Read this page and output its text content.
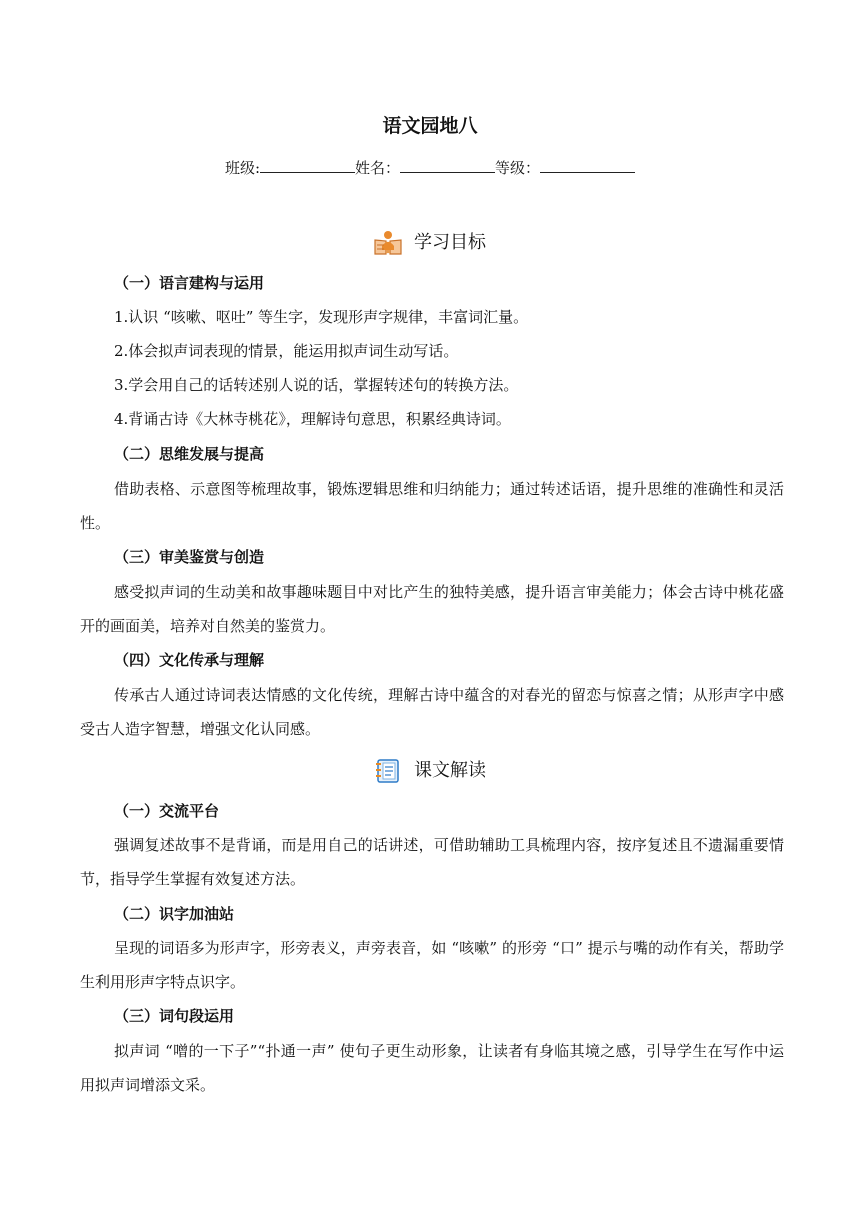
语文园地八
班级:	姓名：	等级：
学习目标
（一）语言建构与运用
1.认识 “咳嗽、呕吐” 等生字，发现形声字规律，丰富词汇量。
2.体会拟声词表现的情景，能运用拟声词生动写话。
3.学会用自己的话转述别人说的话，掌握转述句的转换方法。
4.背诵古诗《大林寺桃花》，理解诗句意思，积累经典诗词。
（二）思维发展与提高

借助表格、示意图等梳理故事，锻炼逻辑思维和归纳能力；通过转述话语，提升思维的准确性和灵活性。

（三）审美鉴赏与创造

感受拟声词的生动美和故事趣味题目中对比产生的独特美感，提升语言审美能力；体会古诗中桃花盛开的画面美，培养对自然美的鉴赏力。

（四）文化传承与理解

传承古人通过诗词表达情感的文化传统，理解古诗中蕴含的对春光的留恋与惊喜之情；从形声字中感受古人造字智慧，增强文化认同感。

课文解读
（一）交流平台

强调复述故事不是背诵，而是用自己的话讲述，可借助辅助工具梳理内容，按序复述且不遗漏重要情节，指导学生掌握有效复述方法。

（二）识字加油站

呈现的词语多为形声字，形旁表义，声旁表音，如 “咳嗽” 的形旁 “口” 提示与嘴的动作有关，帮助学生利用形声字特点识字。

（三）词句段运用

拟声词 “噌的一下子”“扑通一声” 使句子更生动形象，让读者有身临其境之感，引导学生在写作中运用拟声词增添文采。
